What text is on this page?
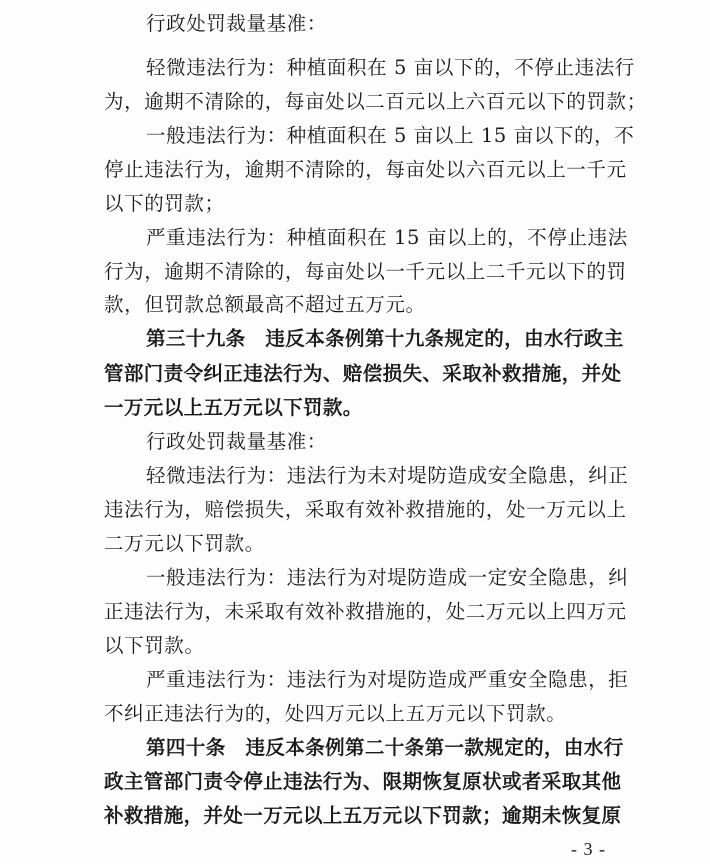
行政处罚裁量基准：
轻微违法行为：种植面积在 5 亩以下的，不停止违法行
为，逾期不清除的，每亩处以二百元以上六百元以下的罚款；
一般违法行为：种植面积在 5 亩以上 15 亩以下的，不
停止违法行为，逾期不清除的，每亩处以六百元以上一千元
以下的罚款；
严重违法行为：种植面积在 15 亩以上的，不停止违法
行为，逾期不清除的，每亩处以一千元以上二千元以下的罚
款，但罚款总额最高不超过五万元。
第三十九条　违反本条例第十九条规定的，由水行政主
管部门责令纠正违法行为、赔偿损失、采取补救措施，并处
一万元以上五万元以下罚款。
行政处罚裁量基准：
轻微违法行为：违法行为未对堤防造成安全隐患，纠正
违法行为，赔偿损失，采取有效补救措施的，处一万元以上
二万元以下罚款。
一般违法行为：违法行为对堤防造成一定安全隐患，纠
正违法行为，未采取有效补救措施的，处二万元以上四万元
以下罚款。
严重违法行为：违法行为对堤防造成严重安全隐患，拒
不纠正违法行为的，处四万元以上五万元以下罚款。
第四十条　违反本条例第二十条第一款规定的，由水行
政主管部门责令停止违法行为、限期恢复原状或者采取其他
补救措施，并处一万元以上五万元以下罚款；逾期未恢复原
- 3 -
